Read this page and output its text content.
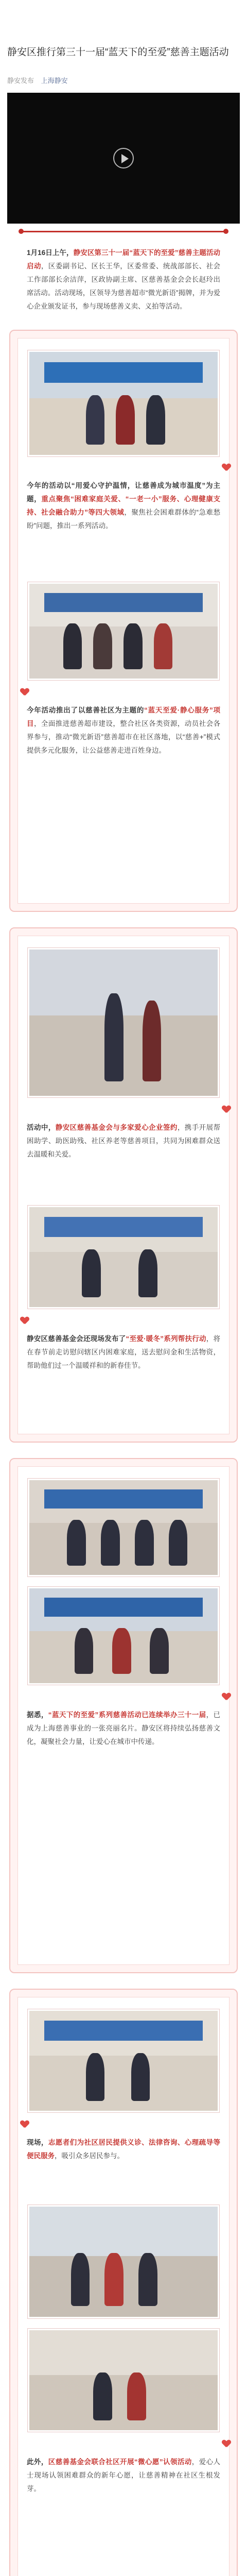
静安区推行第三十一届“蓝天下的至爱”慈善主题活动
静安发布 上海静安

1月16日上午，静安区第三十一届“蓝天下的至爱”慈善主题活动启动，区委副书记、区长王华，区委常委、统战部部长、社会工作部部长余洁萍，区政协副主席、区慈善基金会会长赵玲出席活动。活动现场，区领导为慈善超市“微光新语”揭牌，并为爱心企业颁发证书，参与现场慈善义卖、义拍等活动。

今年的活动以“用爱心守护温情，让慈善成为城市温度”为主题，重点聚焦“困难家庭关爱、“一老一小”服务、心理健康支持、社会融合助力”等四大领域，聚焦社会困难群体的“急难愁盼”问题，推出一系列活动。

今年活动推出了以慈善社区为主题的“蓝天至爱·静心服务”项目，全面推进慈善超市建设，整合社区各类资源，动员社会各界参与，推动“微光新语”慈善超市在社区落地，以“慈善+”模式提供多元化服务，让公益慈善走进百姓身边。

活动中，静安区慈善基金会与多家爱心企业签约，携手开展帮困助学、助医助残、社区养老等慈善项目，共同为困难群众送去温暖和关爱。

静安区慈善基金会还现场发布了“至爱·暖冬”系列帮扶行动，将在春节前走访慰问辖区内困难家庭，送去慰问金和生活物资，帮助他们过一个温暖祥和的新春佳节。

据悉，“蓝天下的至爱”系列慈善活动已连续举办三十一届，已成为上海慈善事业的一张亮丽名片。静安区将持续弘扬慈善文化，凝聚社会力量，让爱心在城市中传递。

现场，志愿者们为社区居民提供义诊、法律咨询、心理疏导等便民服务，吸引众多居民参与。

此外，区慈善基金会联合社区开展“微心愿”认领活动，爱心人士现场认领困难群众的新年心愿，让慈善精神在社区生根发芽。
